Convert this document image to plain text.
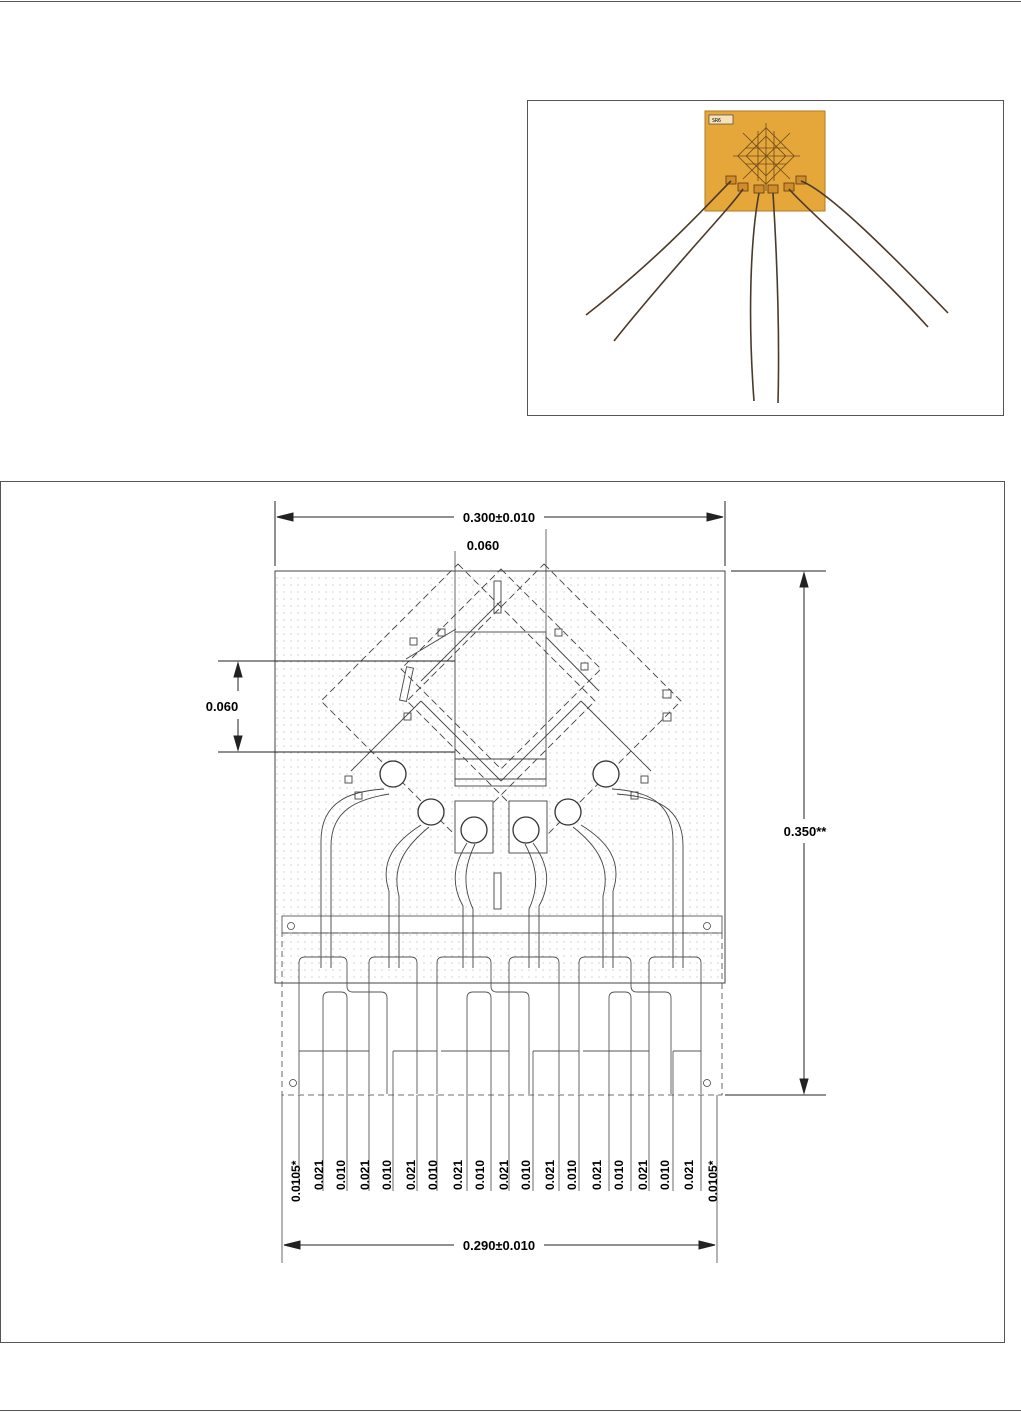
SR6
0.300±0.010
0.060
0.060
0.350**
0.290±0.010
0.0105* 0.021 0.010 0.021 0.010 0.021 0.010 0.021 0.010 0.021 0.010 0.021 0.010 0.021 0.010 0.021 0.010 0.021 0.0105*
